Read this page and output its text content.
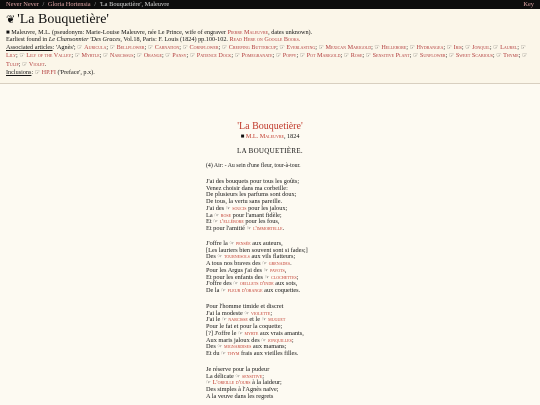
Never Never / Gloria Hortensia / 'La Bouquetière', Maleuvre	Key
❦ 'La Bouquetière'
■ Maleuvre, M.L. (pseudonym: Marie-Louise Maleuvre, née Le Prince, wife of engraver Pierre Maleuvre, dates unknown).
Earliest found in Le Chansonnier 'Des Graces, Vol.18, Paris: F. Louis (1824) pp.100-102. Read Here on Google Books.
Associated articles: 'Agnès'; ☞ Auricula; ☞ Bellflower; ☞ Carnation; ☞ Cornflower; ☞ Creeping Buttercup; ☞ Everlasting; ☞ Mexican Marigold; ☞ Hellebore; ☞ Hydrangea; ☞ Iris; ☞ Jonquil; ☞ Laurel; ☞ Lily; ☞ Lily of the Valley; ☞ Myrtle; ☞ Narcissus; ☞ Orange; ☞ Pansy; ☞ Patience Dock; ☞ Pomegranate; ☞ Poppy; ☞ Pot Marigold; ☞ Rose; ☞ Sensitive Plant; ☞ Sunflower; ☞ Sweet Scabious; ☞ Thyme; ☞ Tulip; ☞ Violet.
Inclusions: ☞ HP.FI ('Preface', p.x).
'La Bouquetière'
■ M.L. Maleuvre, 1824
LA BOUQUETIÈRE.
(4) Air: - Au sein d'une fleur, tour-à-tour.
J'ai des bouquets pour tous les goûts;
Venez choisir dans ma corbeille:
De plusieurs les parfums sont doux;
De tous, la vertu sans pareille.
J'ai des ☞ soucis pour les jaloux;
La ☞ rose pour l'amant fidèle;
Et ☞ l'ellébore pour les fous,
Et pour l'amitié ☞ l'immortelle.
J'offre la ☞ pensée aux auteurs,
[Les lauriers bien souvent sont si fades;]
Des ☞ tournesols aux vils flatteurs;
A tous nos braves des ☞ grenades.
Pour les Argus j'ai des ☞ pavots,
Et pour les enfants des ☞ clochettes;
J'offre des ☞ oeillets d'inde aux sots,
De la ☞ fleur d'orange aux coquettes.
Pour l'homme timide et discret
J'ai la modeste ☞ violette;
J'ai le ☞ narcisse et le ☞ muguet
Pour le fat et pour la coquette;
[?] J'offre le ☞ myrte aux vrais amants,
Aux maris jaloux des ☞ jonquilles;
Des ☞ mignardises aux mamans;
Et du ☞ thym frais aux vieilles filles.
Je réserve pour la pudeur
La délicate ☞ sensitive;
☞ L'oreille d'ours à la laideur;
Des simples à l'Agnès naïve;
A la veuve dans les regrets
